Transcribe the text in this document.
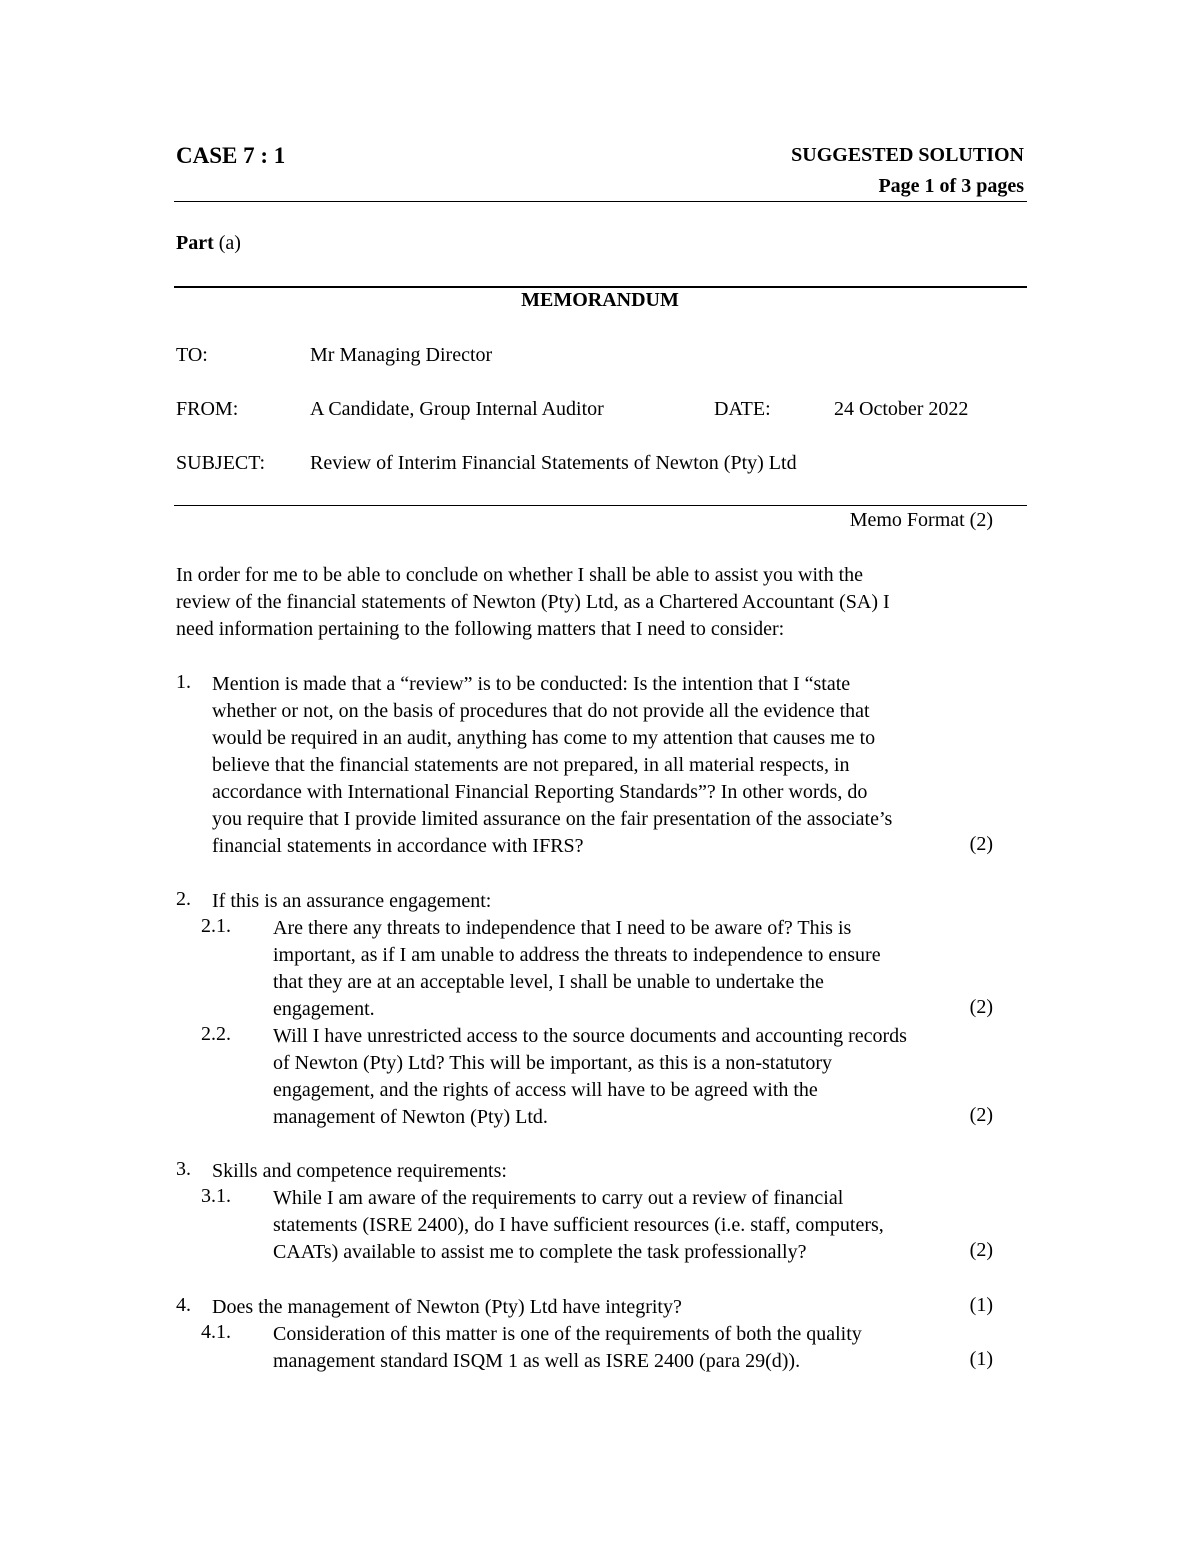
CASE 7 : 1	SUGGESTED SOLUTION
Page 1 of 3 pages
Part (a)
MEMORANDUM
TO:	Mr Managing Director
FROM:	A Candidate, Group Internal Auditor	DATE:	24 October 2022
SUBJECT: Review of Interim Financial Statements of Newton (Pty) Ltd
Memo Format (2)
In order for me to be able to conclude on whether I shall be able to assist you with the
review of the financial statements of Newton (Pty) Ltd, as a Chartered Accountant (SA) I
need information pertaining to the following matters that I need to consider:
1. Mention is made that a “review” is to be conducted: Is the intention that I “state
whether or not, on the basis of procedures that do not provide all the evidence that
would be required in an audit, anything has come to my attention that causes me to
believe that the financial statements are not prepared, in all material respects, in
accordance with International Financial Reporting Standards”? In other words, do
you require that I provide limited assurance on the fair presentation of the associate’s
financial statements in accordance with IFRS?	(2)
2. If this is an assurance engagement:
2.1. Are there any threats to independence that I need to be aware of? This is
important, as if I am unable to address the threats to independence to ensure
that they are at an acceptable level, I shall be unable to undertake the
engagement.	(2)
2.2. Will I have unrestricted access to the source documents and accounting records
of Newton (Pty) Ltd? This will be important, as this is a non-statutory
engagement, and the rights of access will have to be agreed with the
management of Newton (Pty) Ltd.	(2)
3. Skills and competence requirements:
3.1. While I am aware of the requirements to carry out a review of financial
statements (ISRE 2400), do I have sufficient resources (i.e. staff, computers,
CAATs) available to assist me to complete the task professionally?	(2)
4. Does the management of Newton (Pty) Ltd have integrity?	(1)
4.1. Consideration of this matter is one of the requirements of both the quality
management standard ISQM 1 as well as ISRE 2400 (para 29(d)).	(1)
